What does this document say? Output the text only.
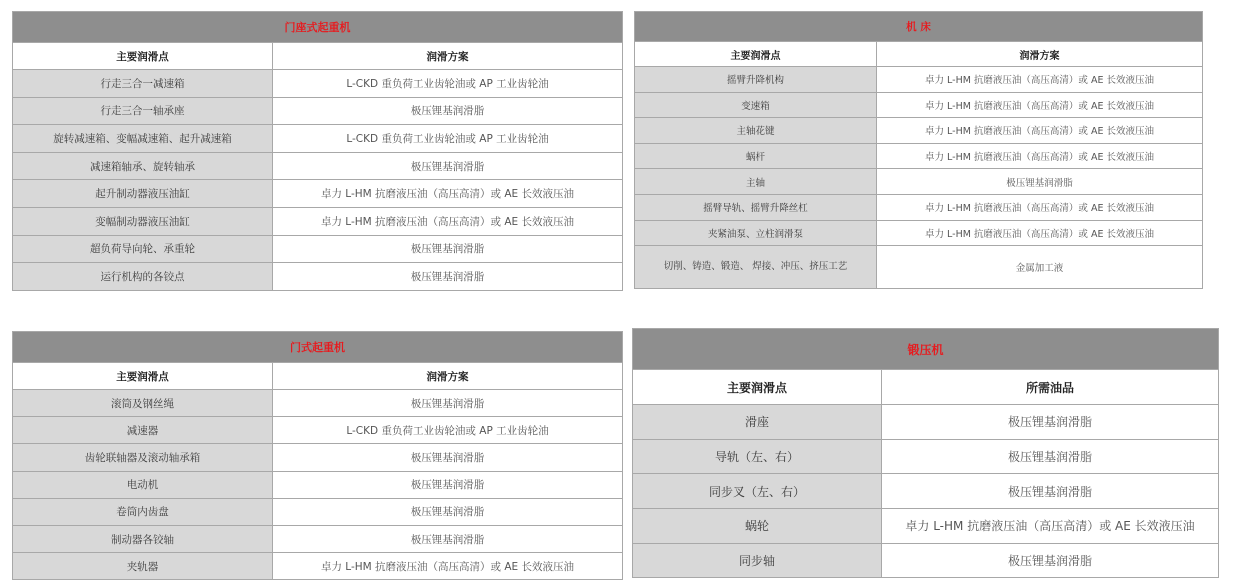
门座式起重机	
主要润滑点	润滑方案
行走三合一减速箱	L-CKD 重负荷工业齿轮油或 AP 工业齿轮油
行走三合一轴承座	极压锂基润滑脂
旋转减速箱、变幅减速箱、起升减速箱	L-CKD 重负荷工业齿轮油或 AP 工业齿轮油
减速箱轴承、旋转轴承	极压锂基润滑脂
起升制动器液压油缸	卓力 L-HM 抗磨液压油（高压高清）或 AE 长效液压油
变幅制动器液压油缸	卓力 L-HM 抗磨液压油（高压高清）或 AE 长效液压油
超负荷导向轮、承重轮	极压锂基润滑脂
运行机构的各铰点	极压锂基润滑脂
机 床	
主要润滑点	润滑方案
摇臂升降机构	卓力 L-HM 抗磨液压油（高压高清）或 AE 长效液压油
变速箱	卓力 L-HM 抗磨液压油（高压高清）或 AE 长效液压油
主轴花键	卓力 L-HM 抗磨液压油（高压高清）或 AE 长效液压油
蜗杆	卓力 L-HM 抗磨液压油（高压高清）或 AE 长效液压油
主轴	极压锂基润滑脂
摇臂导轨、摇臂升降丝杠	卓力 L-HM 抗磨液压油（高压高清）或 AE 长效液压油
夹紧油泵、立柱润滑泵	卓力 L-HM 抗磨液压油（高压高清）或 AE 长效液压油
切削、铸造、锻造、 焊接、冲压、挤压工艺	金属加工液
门式起重机	
主要润滑点	润滑方案
滚筒及钢丝绳	极压锂基润滑脂
减速器	L-CKD 重负荷工业齿轮油或 AP 工业齿轮油
齿轮联轴器及滚动轴承箱	极压锂基润滑脂
电动机	极压锂基润滑脂
卷筒内齿盘	极压锂基润滑脂
制动器各铰轴	极压锂基润滑脂
夹轨器	卓力 L-HM 抗磨液压油（高压高清）或 AE 长效液压油
锻压机	
主要润滑点	所需油品
滑座	极压锂基润滑脂
导轨（左、右）	极压锂基润滑脂
同步叉（左、右）	极压锂基润滑脂
蜗轮	卓力 L-HM 抗磨液压油（高压高清）或 AE 长效液压油
同步轴	极压锂基润滑脂
